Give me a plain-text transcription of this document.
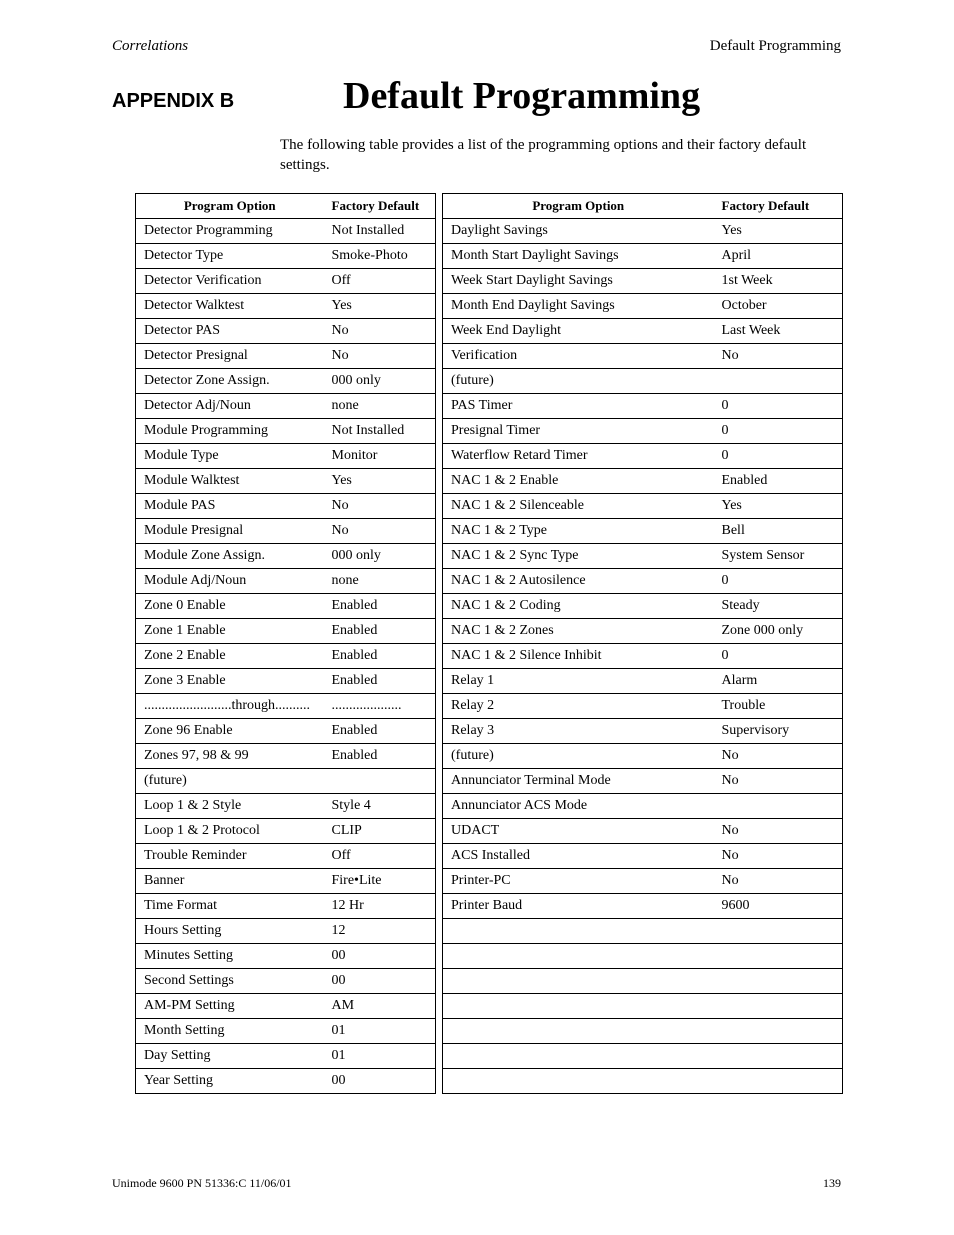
Correlations	Default Programming
APPENDIX B	Default Programming
The following table provides a list of the programming options and their factory default settings.
Program Option	Factory Default		Program Option	Factory Default
Detector Programming	Not Installed		Daylight Savings	Yes
Detector Type	Smoke-Photo		Month Start Daylight Savings	April
Detector Verification	Off		Week Start Daylight Savings	1st Week
Detector Walktest	Yes		Month End Daylight Savings	October
Detector PAS	No		Week End Daylight	Last Week
Detector Presignal	No		Verification	No
Detector Zone Assign.	000 only		(future)	
Detector Adj/Noun	none		PAS Timer	0
Module Programming	Not Installed		Presignal Timer	0
Module Type	Monitor		Waterflow Retard Timer	0
Module Walktest	Yes		NAC 1 & 2 Enable	Enabled
Module PAS	No		NAC 1 & 2 Silenceable	Yes
Module Presignal	No		NAC 1 & 2 Type	Bell
Module Zone Assign.	000 only		NAC 1 & 2 Sync Type	System Sensor
Module Adj/Noun	none		NAC 1 & 2 Autosilence	0
Zone 0 Enable	Enabled		NAC 1 & 2 Coding	Steady
Zone 1 Enable	Enabled		NAC 1 & 2 Zones	Zone 000 only
Zone 2 Enable	Enabled		NAC 1 & 2 Silence Inhibit	0
Zone 3 Enable	Enabled		Relay 1	Alarm
.........................through..........	....................		Relay 2	Trouble
Zone 96 Enable	Enabled		Relay 3	Supervisory
Zones 97, 98 & 99	Enabled		(future)	No
(future)			Annunciator Terminal Mode	No
Loop 1 & 2 Style	Style 4		Annunciator ACS Mode	
Loop 1 & 2 Protocol	CLIP		UDACT	No
Trouble Reminder	Off		ACS Installed	No
Banner	Fire•Lite		Printer-PC	No
Time Format	12 Hr		Printer Baud	9600
Hours Setting	12			
Minutes Setting	00			
Second Settings	00			
AM-PM Setting	AM			
Month Setting	01			
Day Setting	01			
Year Setting	00			
Unimode 9600 PN 51336:C 11/06/01	139
